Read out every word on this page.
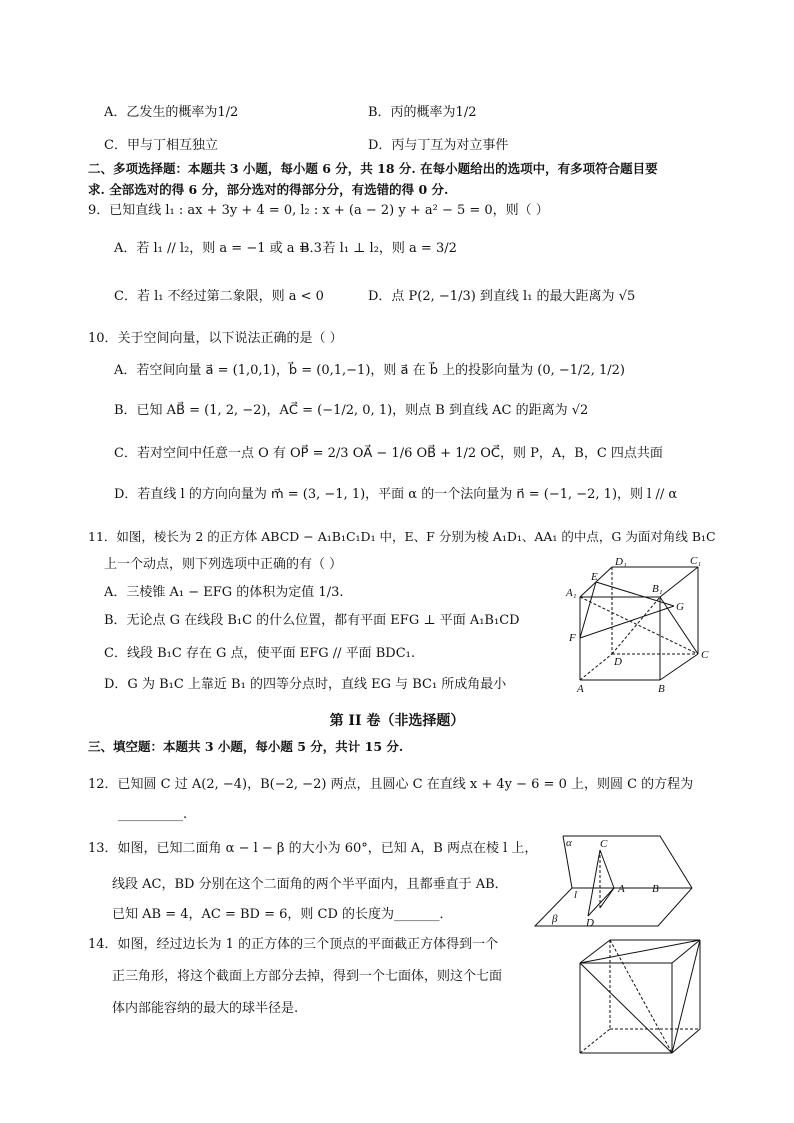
A．乙发生的概率为1/2	B．丙的概率为1/2
C．甲与丁相互独立	D．丙与丁互为对立事件
二、多项选择题：本题共 3 小题，每小题 6 分，共 18 分. 在每小题给出的选项中，有多项符合题目要
求. 全部选对的得 6 分，部分选对的得部分分，有选错的得 0 分.
9．已知直线 l₁ : ax + 3y + 4 = 0, l₂ : x + (a − 2) y + a² − 5 = 0，则（ ）
A．若 l₁ // l₂，则 a = −1 或 a = 3
B．若 l₁ ⊥ l₂，则 a = 3/2
C．若 l₁ 不经过第二象限，则 a < 0	D．点 P(2, −1/3) 到直线 l₁ 的最大距离为 √5
10．关于空间向量，以下说法正确的是（ ）
A．若空间向量 a⃗ = (1,0,1)，b⃗ = (0,1,−1)，则 a⃗ 在 b⃗ 上的投影向量为 (0, −1/2, 1/2)
B．已知 AB⃗ = (1, 2, −2)，AC⃗ = (−1/2, 0, 1)，则点 B 到直线 AC 的距离为 √2
C．若对空间中任意一点 O 有 OP⃗ = 2/3 OA⃗ − 1/6 OB⃗ + 1/2 OC⃗，则 P，A，B，C 四点共面
D．若直线 l 的方向向量为 m⃗ = (3, −1, 1)，平面 α 的一个法向量为 n⃗ = (−1, −2, 1)，则 l // α
11．如图，棱长为 2 的正方体 ABCD − A₁B₁C₁D₁ 中，E、F 分别为棱 A₁D₁、AA₁ 的中点，G 为面对角线 B₁C
上一个动点，则下列选项中正确的有（ ）
A．三棱锥 A₁ − EFG 的体积为定值 1/3.
B．无论点 G 在线段 B₁C 的什么位置，都有平面 EFG ⊥ 平面 A₁B₁CD
C．线段 B₁C 存在 G 点，使平面 EFG // 平面 BDC₁.
D．G 为 B₁C 上靠近 B₁ 的四等分点时，直线 EG 与 BC₁ 所成角最小
D₁	C₁
E
B₁
A₁
G
F
D
C
A	B
第 II 卷（非选择题）
三、填空题：本题共 3 小题，每小题 5 分，共计 15 分.
12．已知圆 C 过 A(2, −4)，B(−2, −2) 两点，且圆心 C 在直线 x + 4y − 6 = 0 上，则圆 C 的方程为
__________.
13．如图，已知二面角 α − l − β 的大小为 60°，已知 A，B 两点在棱 l 上，
线段 AC，BD 分别在这个二面角的两个半平面内，且都垂直于 AB．
已知 AB = 4，AC = BD = 6，则 CD 的长度为_______．
α	C
l	A B
β	D
14．如图，经过边长为 1 的正方体的三个顶点的平面截正方体得到一个
正三角形，将这个截面上方部分去掉，得到一个七面体，则这个七面
体内部能容纳的最大的球半径是.
